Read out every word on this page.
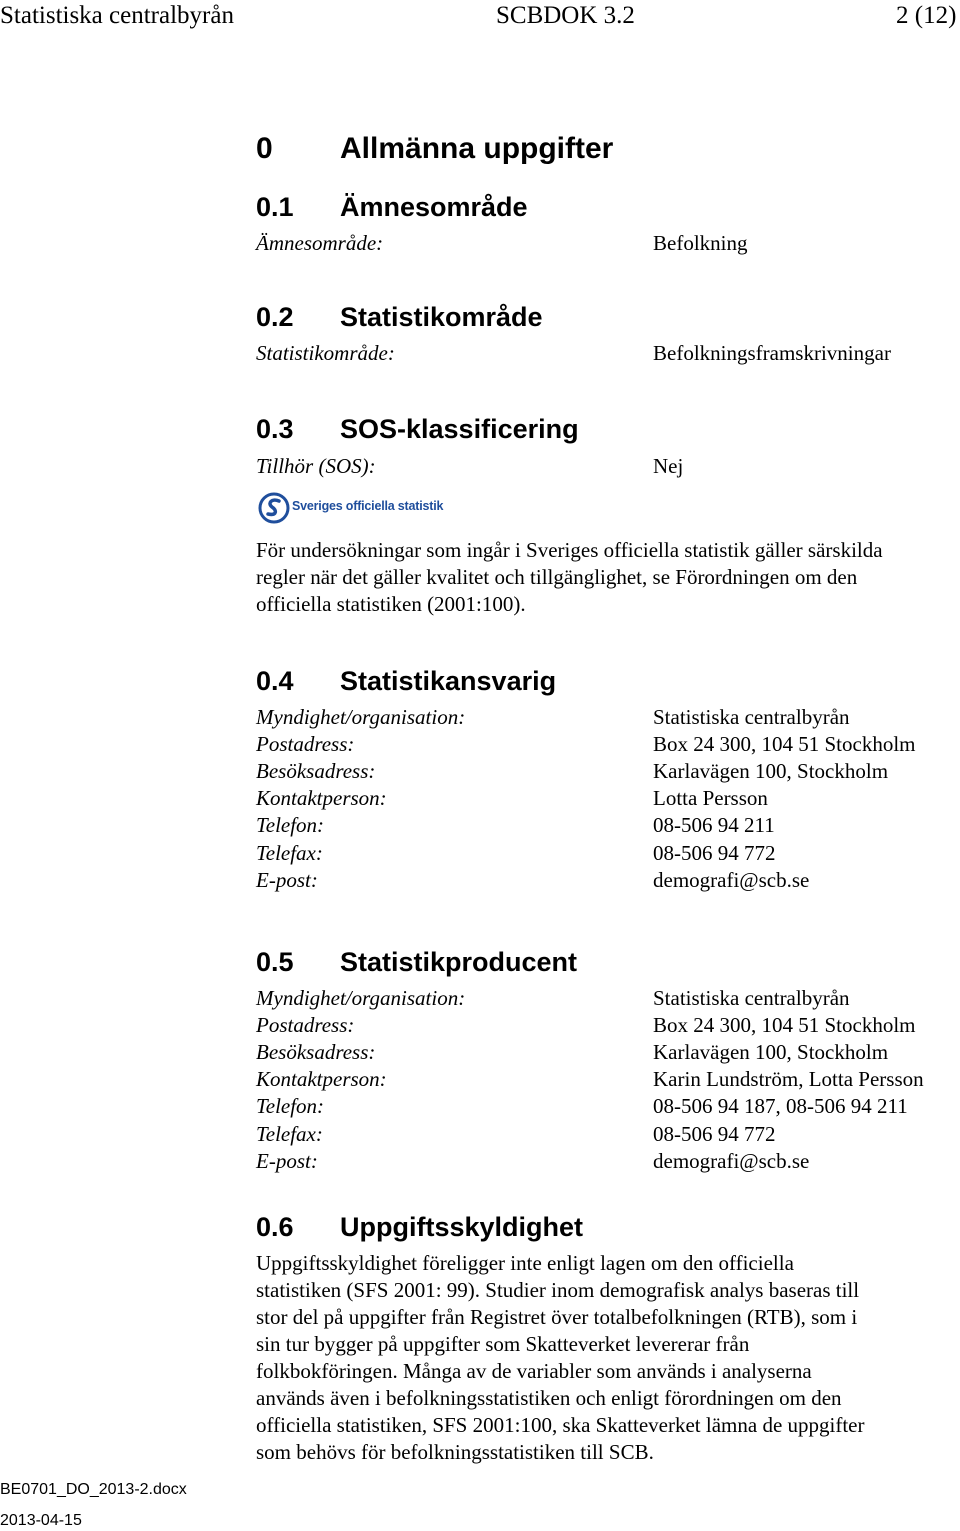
Statistiska centralbyrån	SCBDOK 3.2	2 (12)
0 Allmänna uppgifter
0.1 Ämnesområde
Ämnesområde:	Befolkning
0.2 Statistikområde
Statistikområde:	Befolkningsframskrivningar
0.3 SOS-klassificering
Tillhör (SOS):	Nej
Sveriges officiella statistik
För undersökningar som ingår i Sveriges officiella statistik gäller särskilda
regler när det gäller kvalitet och tillgänglighet, se Förordningen om den
officiella statistiken (2001:100).
0.4 Statistikansvarig
Myndighet/organisation:	Statistiska centralbyrån
Postadress:	Box 24 300, 104 51 Stockholm
Besöksadress:	Karlavägen 100, Stockholm
Kontaktperson:	Lotta Persson
Telefon:	08-506 94 211
Telefax:	08-506 94 772
E-post:	demografi@scb.se
0.5 Statistikproducent
Myndighet/organisation:	Statistiska centralbyrån
Postadress:	Box 24 300, 104 51 Stockholm
Besöksadress:	Karlavägen 100, Stockholm
Kontaktperson:	Karin Lundström, Lotta Persson
Telefon:	08-506 94 187, 08-506 94 211
Telefax:	08-506 94 772
E-post:	demografi@scb.se
0.6 Uppgiftsskyldighet
Uppgiftsskyldighet föreligger inte enligt lagen om den officiella
statistiken (SFS 2001: 99). Studier inom demografisk analys baseras till
stor del på uppgifter från Registret över totalbefolkningen (RTB), som i
sin tur bygger på uppgifter som Skatteverket levererar från
folkbokföringen. Många av de variabler som används i analyserna
används även i befolkningsstatistiken och enligt förordningen om den
officiella statistiken, SFS 2001:100, ska Skatteverket lämna de uppgifter
som behövs för befolkningsstatistiken till SCB.
BE0701_DO_2013-2.docx
2013-04-15
